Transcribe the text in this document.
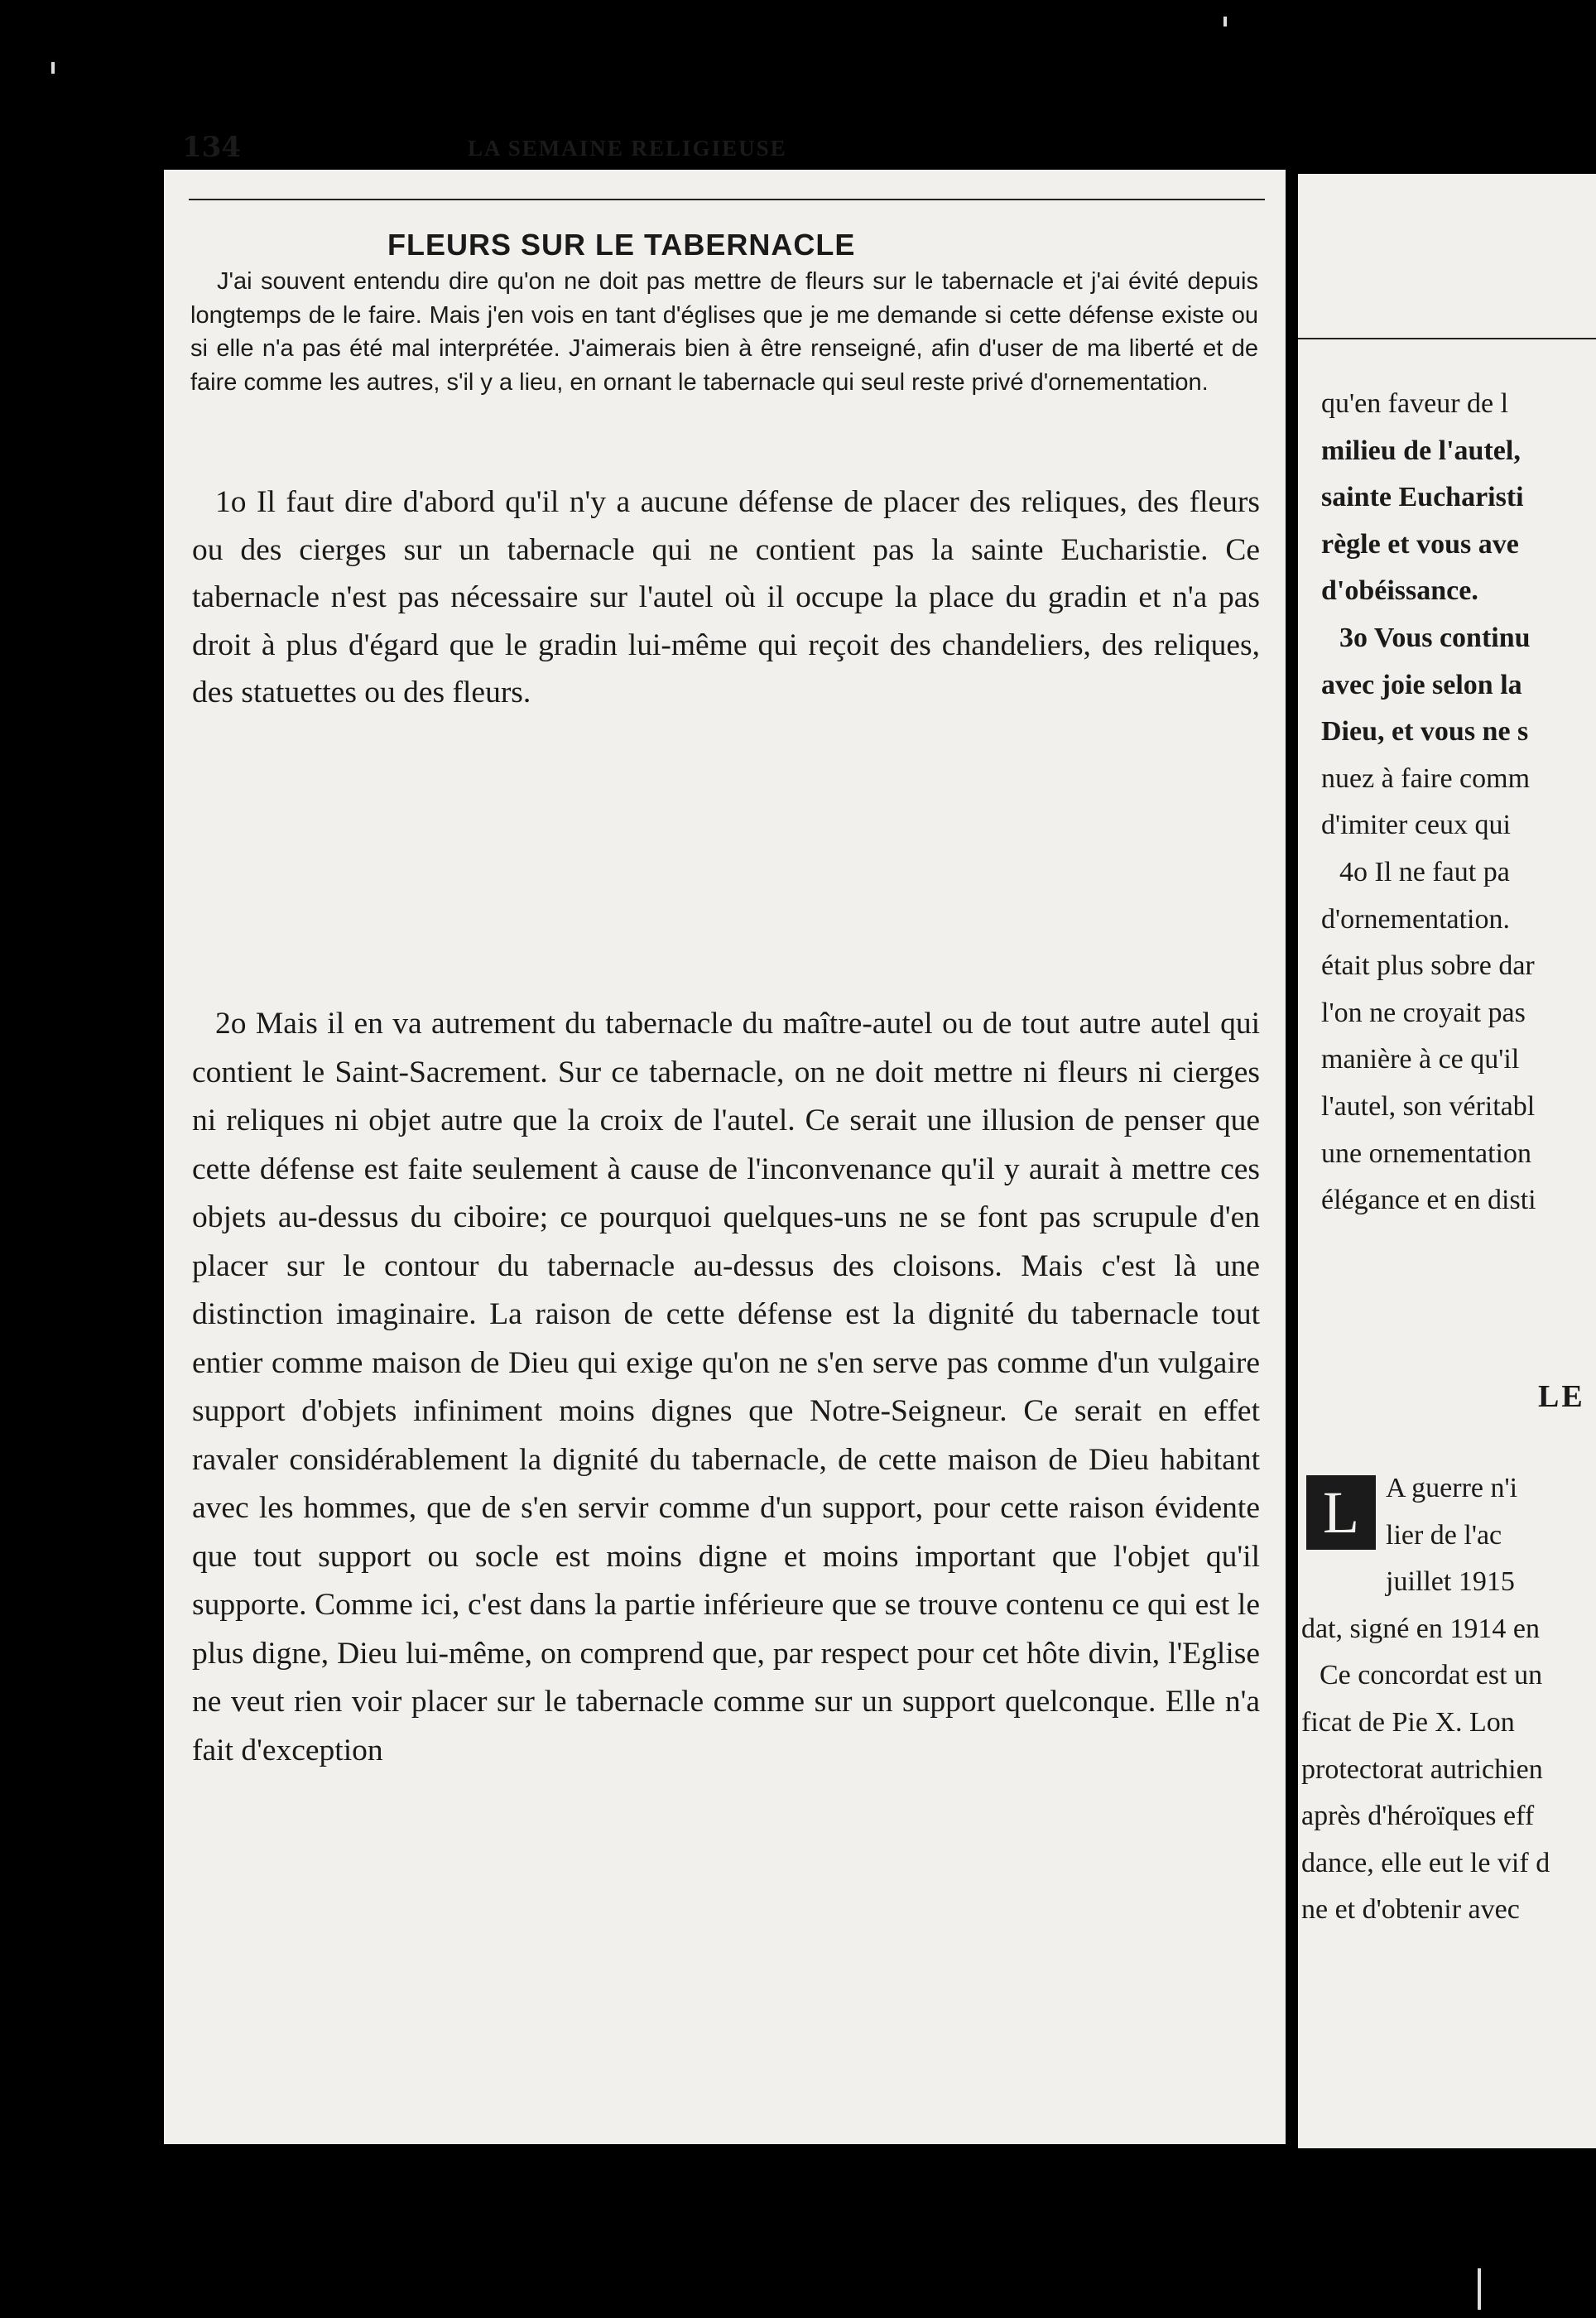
134	LA SEMAINE RELIGIEUSE
FLEURS SUR LE TABERNACLE

J'ai souvent entendu dire qu'on ne doit pas mettre de fleurs sur le tabernacle et j'ai évité depuis longtemps de le faire. Mais j'en vois en tant d'églises que je me demande si cette défense existe ou si elle n'a pas été mal interprétée. J'aimerais bien à être renseigné, afin d'user de ma liberté et de faire comme les autres, s'il y a lieu, en ornant le tabernacle qui seul reste privé d'ornementation.

1o Il faut dire d'abord qu'il n'y a aucune défense de placer des reliques, des fleurs ou des cierges sur un tabernacle qui ne contient pas la sainte Eucharistie. Ce tabernacle n'est pas nécessaire sur l'autel où il occupe la place du gradin et n'a pas droit à plus d'égard que le gradin lui-même qui reçoit des chandeliers, des reliques, des statuettes ou des fleurs.

2o Mais il en va autrement du tabernacle du maître-autel ou de tout autre autel qui contient le Saint-Sacrement. Sur ce tabernacle, on ne doit mettre ni fleurs ni cierges ni reliques ni objet autre que la croix de l'autel. Ce serait une illusion de penser que cette défense est faite seulement à cause de l'inconvenance qu'il y aurait à mettre ces objets au-dessus du ciboire; ce pourquoi quelques-uns ne se font pas scrupule d'en placer sur le contour du tabernacle au-dessus des cloisons. Mais c'est là une distinction imaginaire. La raison de cette défense est la dignité du tabernacle tout entier comme maison de Dieu qui exige qu'on ne s'en serve pas comme d'un vulgaire support d'objets infiniment moins dignes que Notre-Seigneur. Ce serait en effet ravaler considérablement la dignité du tabernacle, de cette maison de Dieu habitant avec les hommes, que de s'en servir comme d'un support, pour cette raison évidente que tout support ou socle est moins digne et moins important que l'objet qu'il supporte. Comme ici, c'est dans la partie inférieure que se trouve contenu ce qui est le plus digne, Dieu lui-même, on comprend que, par respect pour cet hôte divin, l'Eglise ne veut rien voir placer sur le tabernacle comme sur un support quelconque. Elle n'a fait d'exception

qu'en faveur de l
milieu de l'autel,
sainte Eucharisti
règle et vous ave
d'obéissance.
3o Vous continu
avec joie selon la
Dieu, et vous ne s
nuez à faire comm
d'imiter ceux qui
4o Il ne faut pa
d'ornementation.
était plus sobre dar
l'on ne croyait pas
manière à ce qu'il
l'autel, son véritabl
une ornementation
élégance et en disti
LE
L A guerre n'i
lier de l'ac
juillet 1915
dat, signé en 1914 en
Ce concordat est un
ficat de Pie X. Lon
protectorat autrichien
après d'héroïques eff
dance, elle eut le vif d
ne et d'obtenir avec
